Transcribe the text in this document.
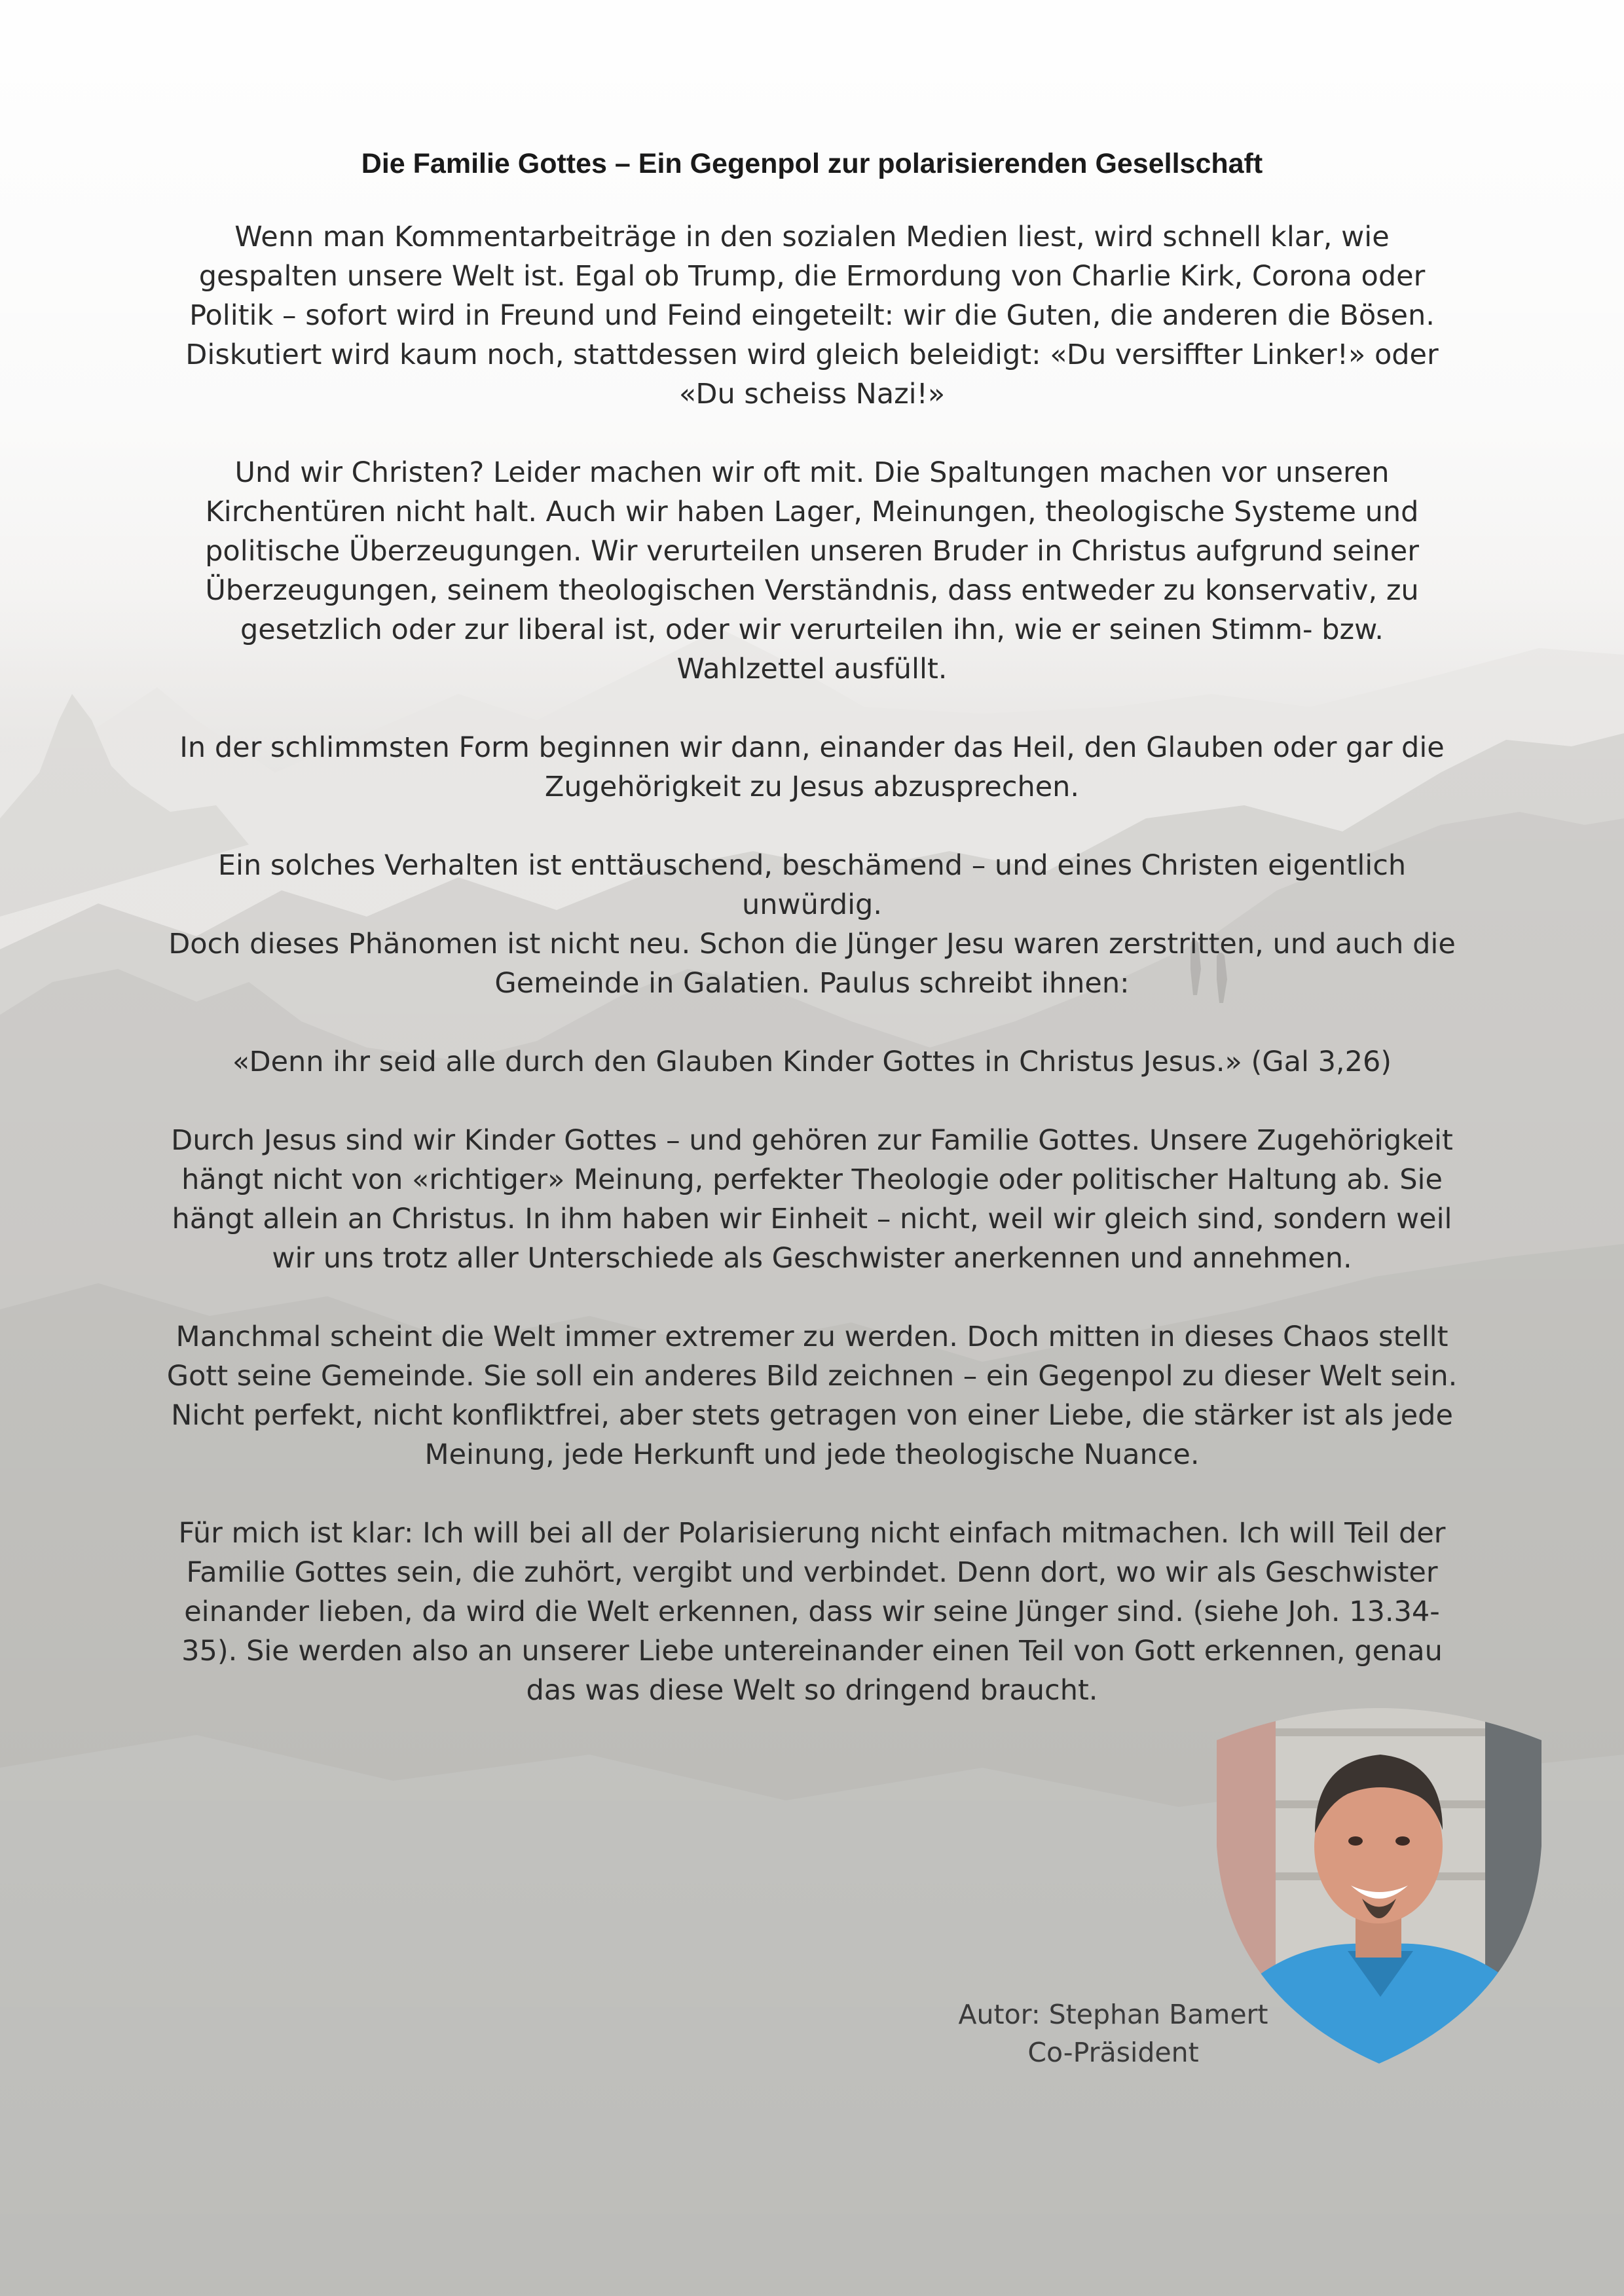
Die Familie Gottes – Ein Gegenpol zur polarisierenden Gesellschaft

Wenn man Kommentarbeiträge in den sozialen Medien liest, wird schnell klar, wie gespalten unsere Welt ist. Egal ob Trump, die Ermordung von Charlie Kirk, Corona oder Politik – sofort wird in Freund und Feind eingeteilt: wir die Guten, die anderen die Bösen. Diskutiert wird kaum noch, stattdessen wird gleich beleidigt: «Du versiffter Linker!» oder «Du scheiss Nazi!»

Und wir Christen? Leider machen wir oft mit. Die Spaltungen machen vor unseren Kirchentüren nicht halt. Auch wir haben Lager, Meinungen, theologische Systeme und politische Überzeugungen. Wir verurteilen unseren Bruder in Christus aufgrund seiner Überzeugungen, seinem theologischen Verständnis, dass entweder zu konservativ, zu gesetzlich oder zur liberal ist, oder wir verurteilen ihn, wie er seinen Stimm- bzw. Wahlzettel ausfüllt.

In der schlimmsten Form beginnen wir dann, einander das Heil, den Glauben oder gar die Zugehörigkeit zu Jesus abzusprechen.

Ein solches Verhalten ist enttäuschend, beschämend – und eines Christen eigentlich unwürdig.

Doch dieses Phänomen ist nicht neu. Schon die Jünger Jesu waren zerstritten, und auch die Gemeinde in Galatien. Paulus schreibt ihnen:

«Denn ihr seid alle durch den Glauben Kinder Gottes in Christus Jesus.» (Gal 3,26)

Durch Jesus sind wir Kinder Gottes – und gehören zur Familie Gottes. Unsere Zugehörigkeit hängt nicht von «richtiger» Meinung, perfekter Theologie oder politischer Haltung ab. Sie hängt allein an Christus. In ihm haben wir Einheit – nicht, weil wir gleich sind, sondern weil wir uns trotz aller Unterschiede als Geschwister anerkennen und annehmen.

Manchmal scheint die Welt immer extremer zu werden. Doch mitten in dieses Chaos stellt Gott seine Gemeinde. Sie soll ein anderes Bild zeichnen – ein Gegenpol zu dieser Welt sein. Nicht perfekt, nicht konfliktfrei, aber stets getragen von einer Liebe, die stärker ist als jede Meinung, jede Herkunft und jede theologische Nuance.

Für mich ist klar: Ich will bei all der Polarisierung nicht einfach mitmachen. Ich will Teil der Familie Gottes sein, die zuhört, vergibt und verbindet. Denn dort, wo wir als Geschwister einander lieben, da wird die Welt erkennen, dass wir seine Jünger sind. (siehe Joh. 13.34-35). Sie werden also an unserer Liebe untereinander einen Teil von Gott erkennen, genau das was diese Welt so dringend braucht.

Autor: Stephan Bamert
Co-Präsident
